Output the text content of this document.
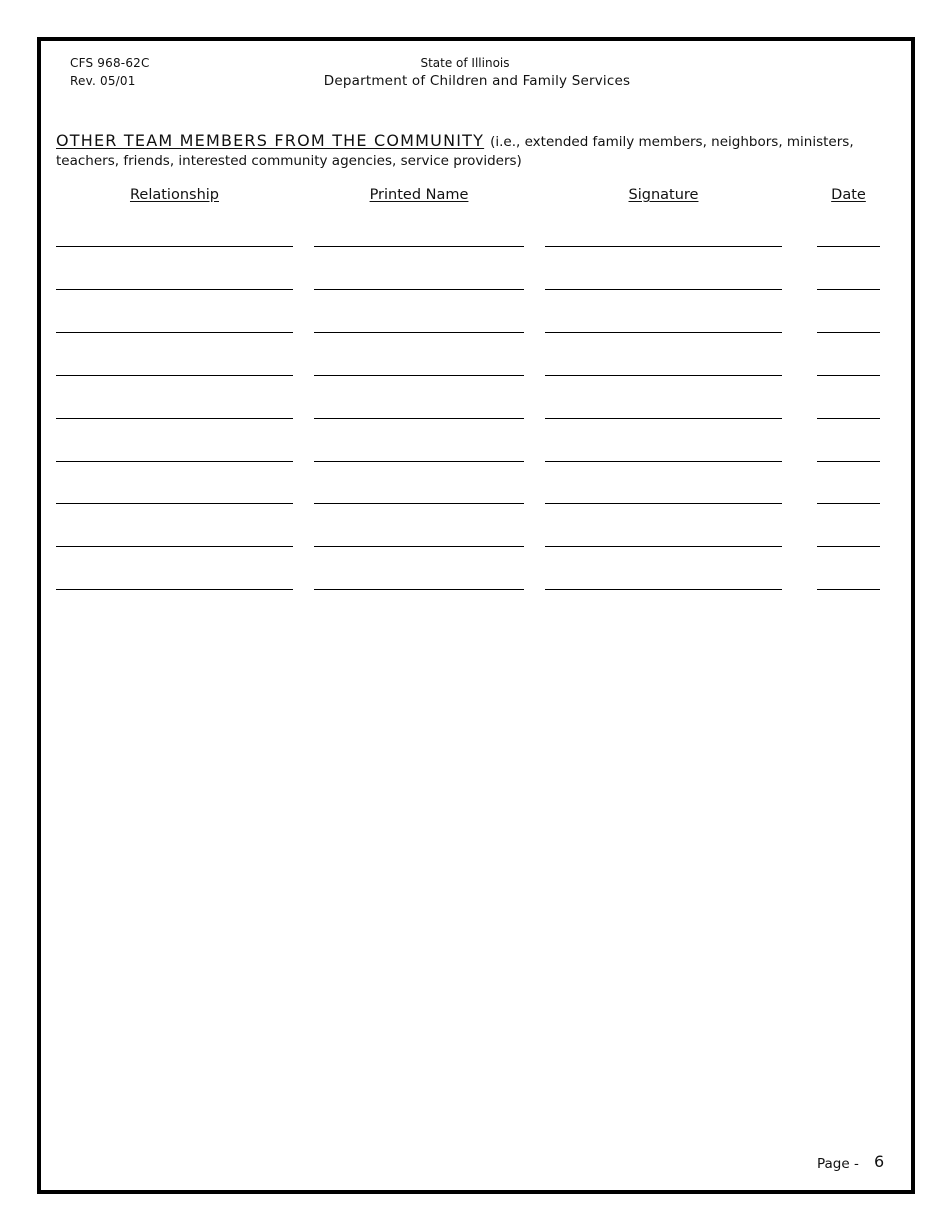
CFS 968-62C
Rev. 05/01
State of Illinois
Department of Children and Family Services
OTHER TEAM MEMBERS FROM THE COMMUNITY (i.e., extended family members, neighbors, ministers, teachers, friends, interested community agencies, service providers)
Relationship	Printed Name	Signature	Date
Page - 6
